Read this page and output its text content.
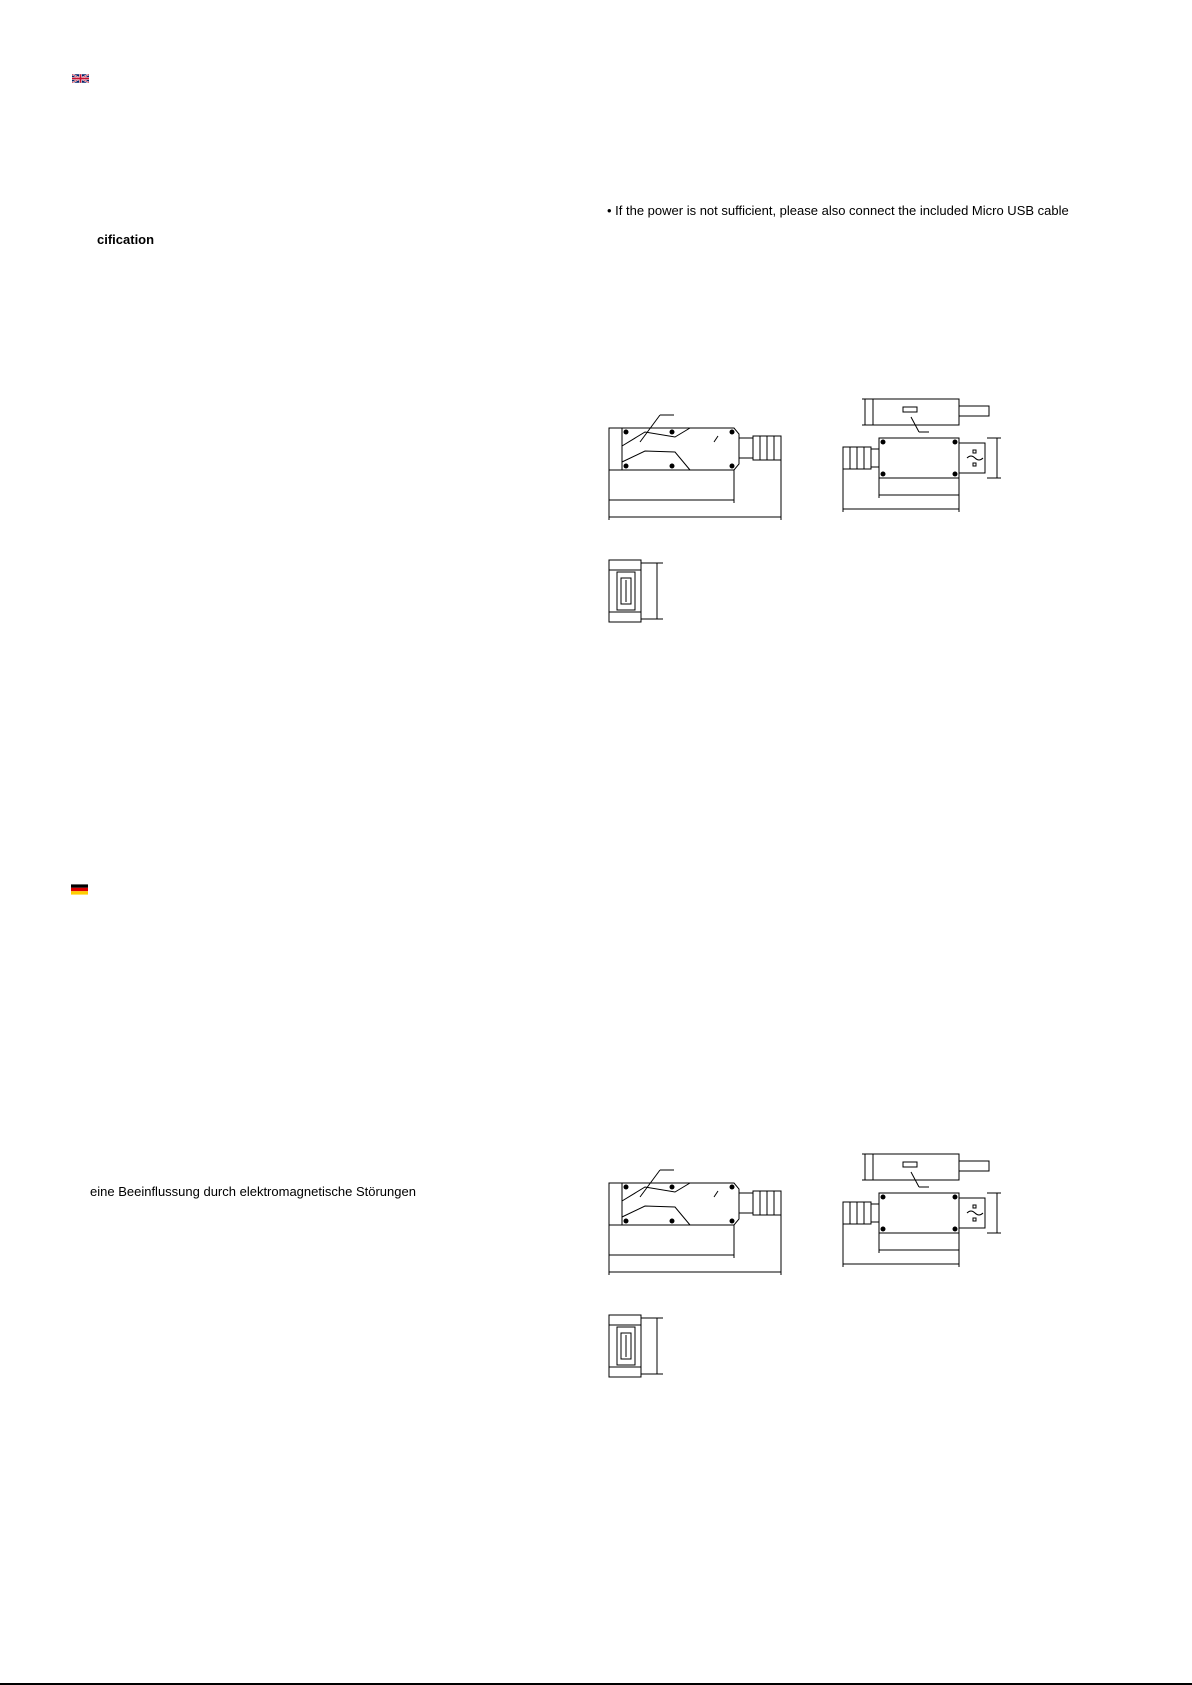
cification
• If the power is not sufficient, please also connect the included Micro USB cable
eine Beeinflussung durch elektromagnetische Störungen
